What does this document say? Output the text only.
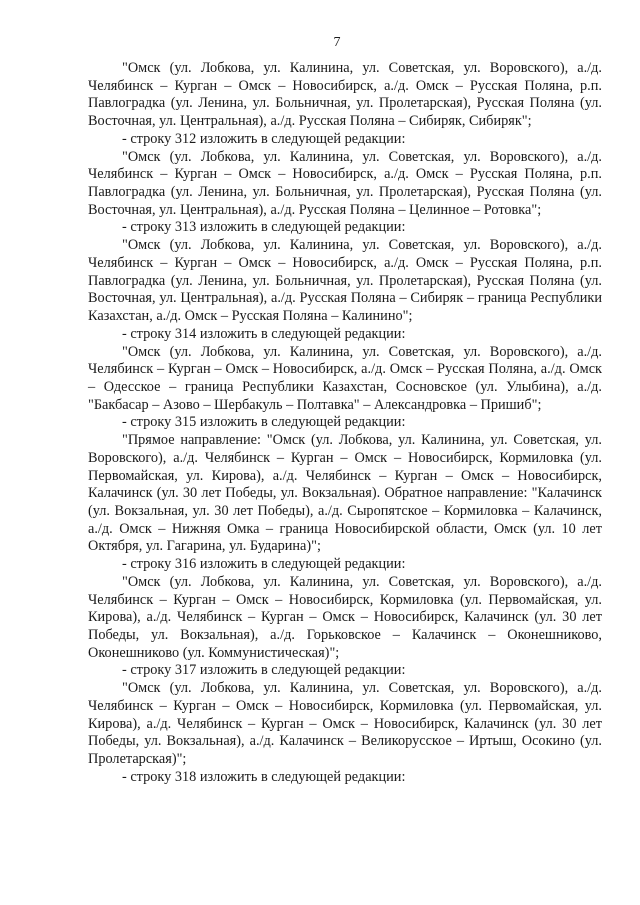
7

"Омск (ул. Лобкова, ул. Калинина, ул. Советская, ул. Воровского), а./д. Челябинск – Курган – Омск – Новосибирск, а./д. Омск – Русская Поляна, р.п. Павлоградка (ул. Ленина, ул. Больничная, ул. Пролетарская), Русская Поляна (ул. Восточная, ул. Центральная), а./д. Русская Поляна – Сибиряк, Сибиряк";

- строку 312 изложить в следующей редакции:

"Омск (ул. Лобкова, ул. Калинина, ул. Советская, ул. Воровского), а./д. Челябинск – Курган – Омск – Новосибирск, а./д. Омск – Русская Поляна, р.п. Павлоградка (ул. Ленина, ул. Больничная, ул. Пролетарская), Русская Поляна (ул. Восточная, ул. Центральная), а./д. Русская Поляна – Целинное – Ротовка";

- строку 313 изложить в следующей редакции:

"Омск (ул. Лобкова, ул. Калинина, ул. Советская, ул. Воровского), а./д. Челябинск – Курган – Омск – Новосибирск, а./д. Омск – Русская Поляна, р.п. Павлоградка (ул. Ленина, ул. Больничная, ул. Пролетарская), Русская Поляна (ул. Восточная, ул. Центральная), а./д. Русская Поляна – Сибиряк – граница Республики Казахстан, а./д. Омск – Русская Поляна – Калинино";

- строку 314 изложить в следующей редакции:

"Омск (ул. Лобкова, ул. Калинина, ул. Советская, ул. Воровского), а./д. Челябинск – Курган – Омск – Новосибирск, а./д. Омск – Русская Поляна, а./д. Омск – Одесское – граница Республики Казахстан, Сосновское (ул. Улыбина), а./д. "Бакбасар – Азово – Шербакуль – Полтавка" – Александровка – Пришиб";

- строку 315 изложить в следующей редакции:

"Прямое направление: "Омск (ул. Лобкова, ул. Калинина, ул. Советская, ул. Воровского), а./д. Челябинск – Курган – Омск – Новосибирск, Кормиловка (ул. Первомайская, ул. Кирова), а./д. Челябинск – Курган – Омск – Новосибирск, Калачинск (ул. 30 лет Победы, ул. Вокзальная). Обратное направление: "Калачинск (ул. Вокзальная, ул. 30 лет Победы), а./д. Сыропятское – Кормиловка – Калачинск, а./д. Омск – Нижняя Омка – граница Новосибирской области, Омск (ул. 10 лет Октября, ул. Гагарина, ул. Бударина)";

- строку 316 изложить в следующей редакции:

"Омск (ул. Лобкова, ул. Калинина, ул. Советская, ул. Воровского), а./д. Челябинск – Курган – Омск – Новосибирск, Кормиловка (ул. Первомайская, ул. Кирова), а./д. Челябинск – Курган – Омск – Новосибирск, Калачинск (ул. 30 лет Победы, ул. Вокзальная), а./д. Горьковское – Калачинск – Оконешниково, Оконешниково (ул. Коммунистическая)";

- строку 317 изложить в следующей редакции:

"Омск (ул. Лобкова, ул. Калинина, ул. Советская, ул. Воровского), а./д. Челябинск – Курган – Омск – Новосибирск, Кормиловка (ул. Первомайская, ул. Кирова), а./д. Челябинск – Курган – Омск – Новосибирск, Калачинск (ул. 30 лет Победы, ул. Вокзальная), а./д. Калачинск – Великорусское – Иртыш, Осокино (ул. Пролетарская)";

- строку 318 изложить в следующей редакции:
